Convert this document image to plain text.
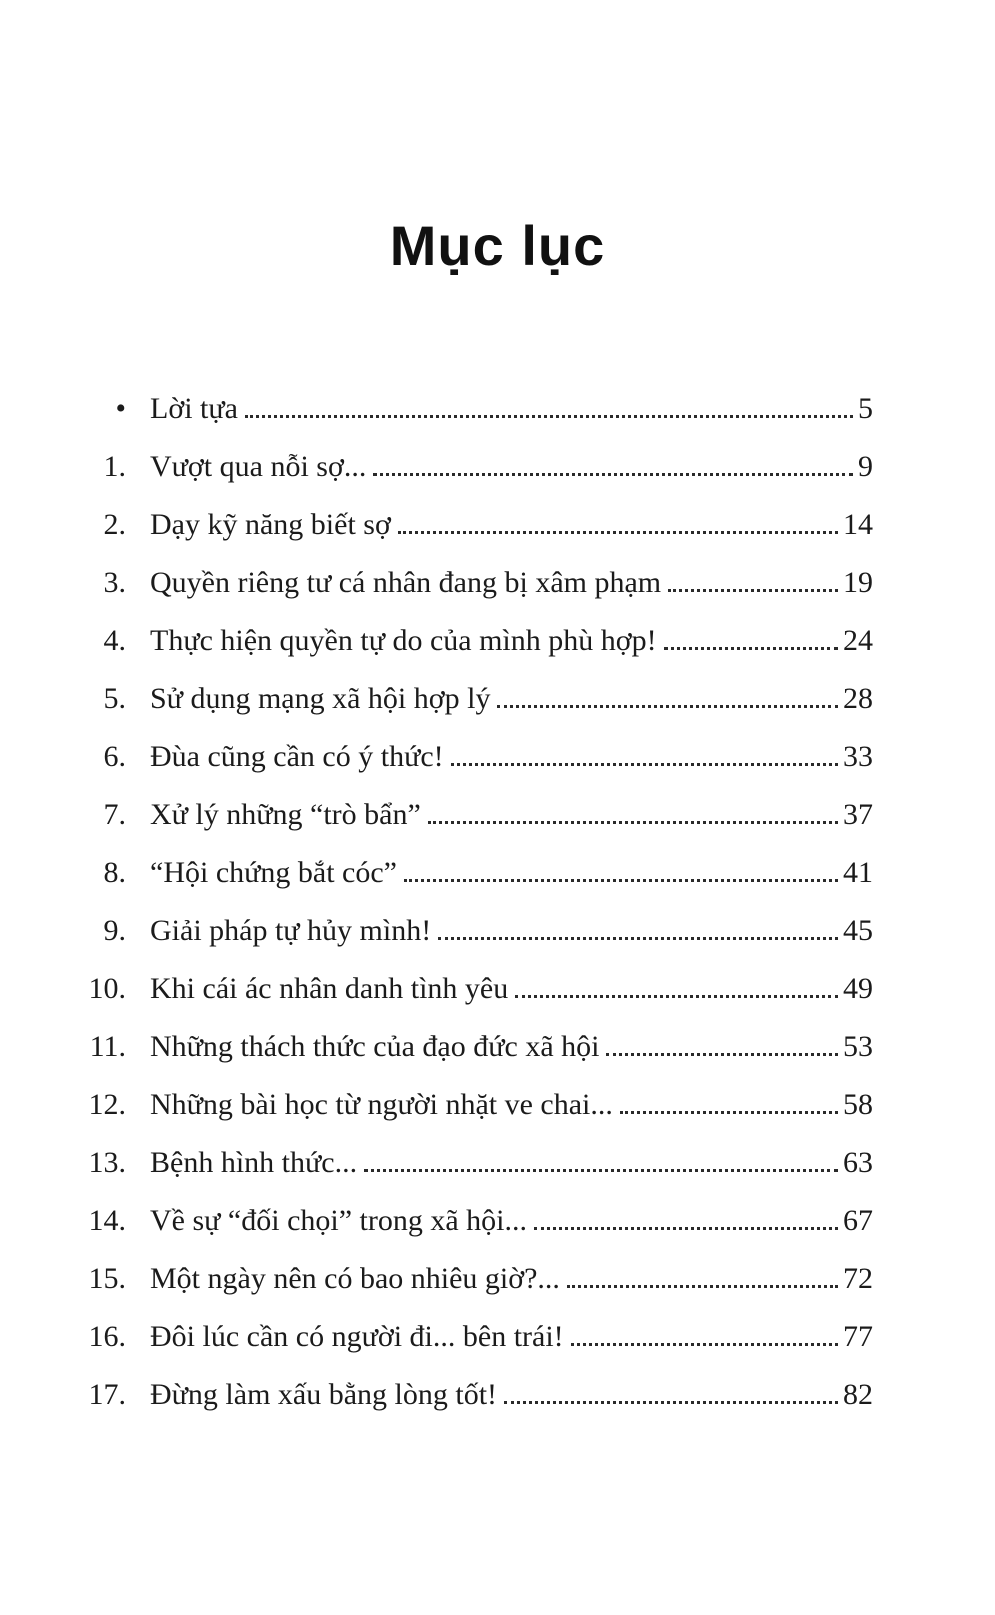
Mục lục
• Lời tựa	5
1. Vượt qua nỗi sợ...	9
2. Dạy kỹ năng biết sợ	14
3. Quyền riêng tư cá nhân đang bị xâm phạm	19
4. Thực hiện quyền tự do của mình phù hợp!	24
5. Sử dụng mạng xã hội hợp lý	28
6. Đùa cũng cần có ý thức!	33
7. Xử lý những “trò bẩn”	37
8. “Hội chứng bắt cóc”	41
9. Giải pháp tự hủy mình!	45
10. Khi cái ác nhân danh tình yêu	49
11. Những thách thức của đạo đức xã hội	53
12. Những bài học từ người nhặt ve chai...	58
13. Bệnh hình thức...	63
14. Về sự “đối chọi” trong xã hội...	67
15. Một ngày nên có bao nhiêu giờ?...	72
16. Đôi lúc cần có người đi... bên trái!	77
17. Đừng làm xấu bằng lòng tốt!	82
